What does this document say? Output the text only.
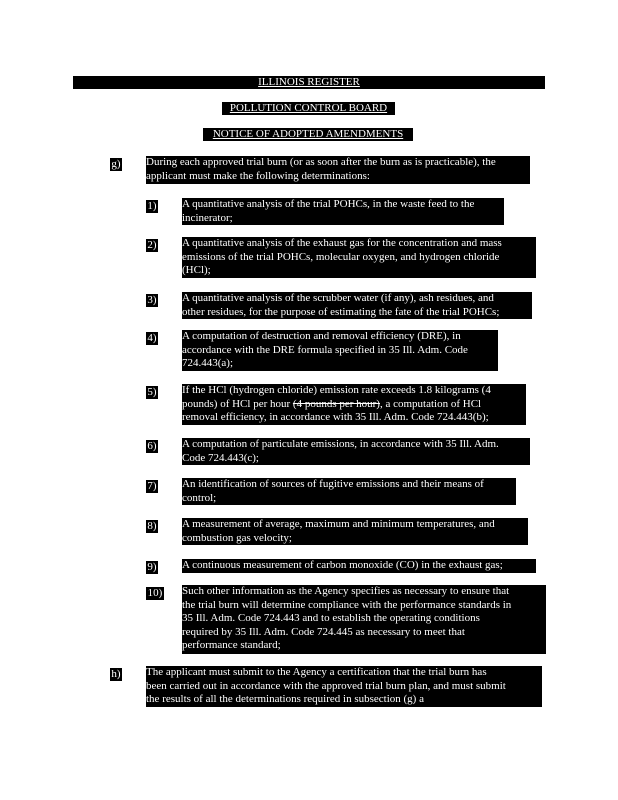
ILLINOIS REGISTER
POLLUTION CONTROL BOARD
NOTICE OF ADOPTED AMENDMENTS
g) During each approved trial burn (or as soon after the burn as is practicable), the
applicant must make the following determinations:
1) A quantitative analysis of the trial POHCs, in the waste feed to the
incinerator;
2) A quantitative analysis of the exhaust gas for the concentration and mass
emissions of the trial POHCs, molecular oxygen, and hydrogen chloride
(HCl);
3) A quantitative analysis of the scrubber water (if any), ash residues, and
other residues, for the purpose of estimating the fate of the trial POHCs;
4) A computation of destruction and removal efficiency (DRE), in
accordance with the DRE formula specified in 35 Ill. Adm. Code
724.443(a);
5) If the HCl (hydrogen chloride) emission rate exceeds 1.8 kilograms (4
pounds) of HCl per hour (4 pounds per hour), a computation of HCl
removal efficiency, in accordance with 35 Ill. Adm. Code 724.443(b);
6) A computation of particulate emissions, in accordance with 35 Ill. Adm.
Code 724.443(c);
7) An identification of sources of fugitive emissions and their means of
control;
8) A measurement of average, maximum and minimum temperatures, and
combustion gas velocity;
9) A continuous measurement of carbon monoxide (CO) in the exhaust gas;
10) Such other information as the Agency specifies as necessary to ensure that
the trial burn will determine compliance with the performance standards in
35 Ill. Adm. Code 724.443 and to establish the operating conditions
required by 35 Ill. Adm. Code 724.445 as necessary to meet that
performance standard;
h) The applicant must submit to the Agency a certification that the trial burn has
been carried out in accordance with the approved trial burn plan, and must submit
the results of all the determinations required in subsection (g) a
